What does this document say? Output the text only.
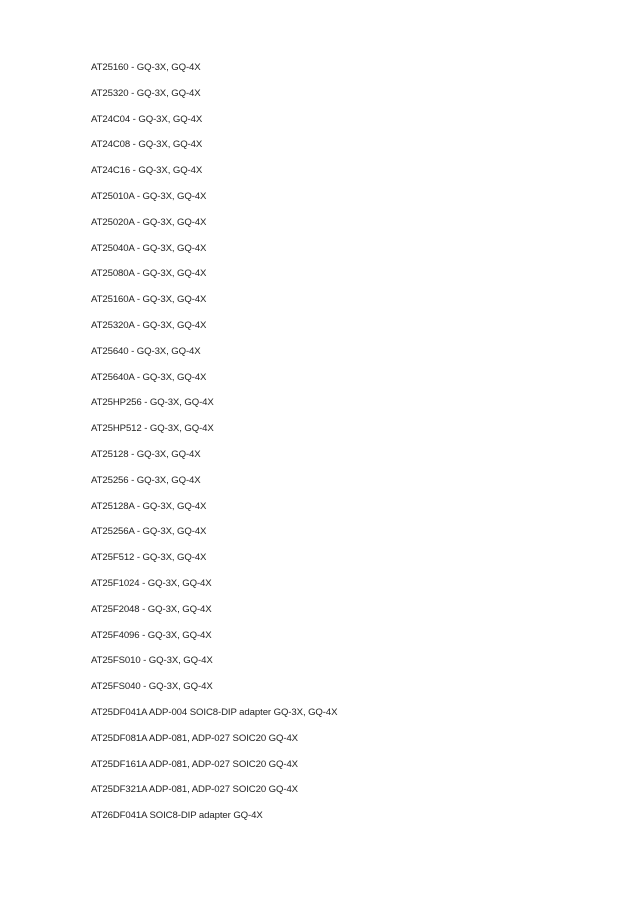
AT25160 - GQ-3X, GQ-4X
AT25320 - GQ-3X, GQ-4X
AT24C04 - GQ-3X, GQ-4X
AT24C08 - GQ-3X, GQ-4X
AT24C16 - GQ-3X, GQ-4X
AT25010A - GQ-3X, GQ-4X
AT25020A - GQ-3X, GQ-4X
AT25040A - GQ-3X, GQ-4X
AT25080A - GQ-3X, GQ-4X
AT25160A - GQ-3X, GQ-4X
AT25320A - GQ-3X, GQ-4X
AT25640 - GQ-3X, GQ-4X
AT25640A - GQ-3X, GQ-4X
AT25HP256 - GQ-3X, GQ-4X
AT25HP512 - GQ-3X, GQ-4X
AT25128 - GQ-3X, GQ-4X
AT25256 - GQ-3X, GQ-4X
AT25128A - GQ-3X, GQ-4X
AT25256A - GQ-3X, GQ-4X
AT25F512 - GQ-3X, GQ-4X
AT25F1024 - GQ-3X, GQ-4X
AT25F2048 - GQ-3X, GQ-4X
AT25F4096 - GQ-3X, GQ-4X
AT25FS010 - GQ-3X, GQ-4X
AT25FS040 - GQ-3X, GQ-4X
AT25DF041A ADP-004 SOIC8-DIP adapter GQ-3X, GQ-4X
AT25DF081A ADP-081, ADP-027 SOIC20 GQ-4X
AT25DF161A ADP-081, ADP-027 SOIC20 GQ-4X
AT25DF321A ADP-081, ADP-027 SOIC20 GQ-4X
AT26DF041A SOIC8-DIP adapter GQ-4X
